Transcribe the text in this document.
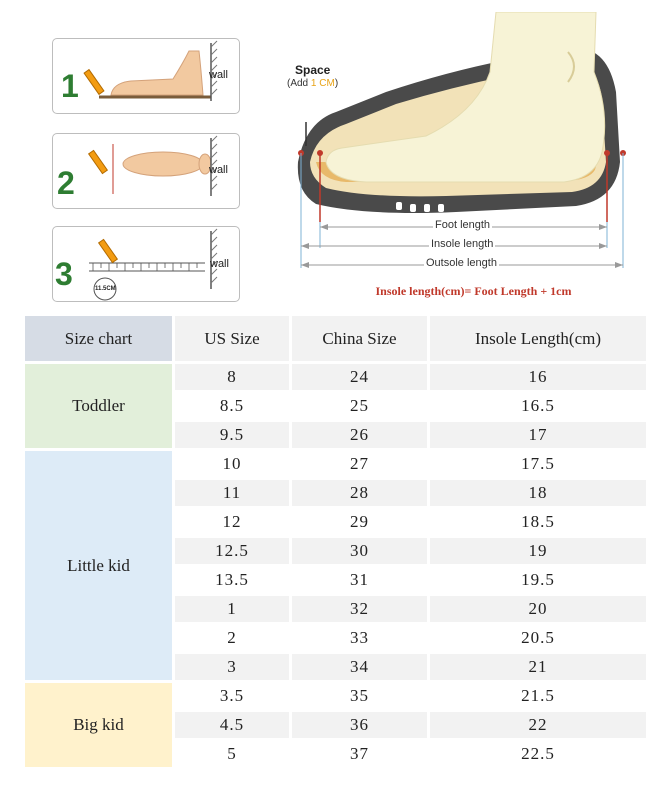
1	wall
2	wall
3	11.5CM
wall
Space
(Add 1 CM)
Foot length
Insole length
Outsole length
Insole length(cm)= Foot Length + 1cm
Size chart	US Size	China Size	Insole Length(cm)
Toddler	8	24	16
	8.5	25	16.5
	9.5	26	17
Little kid	10	27	17.5
	11	28	18
	12	29	18.5
	12.5	30	19
	13.5	31	19.5
	1	32	20
	2	33	20.5
	3	34	21
Big kid	3.5	35	21.5
	4.5	36	22
	5	37	22.5
